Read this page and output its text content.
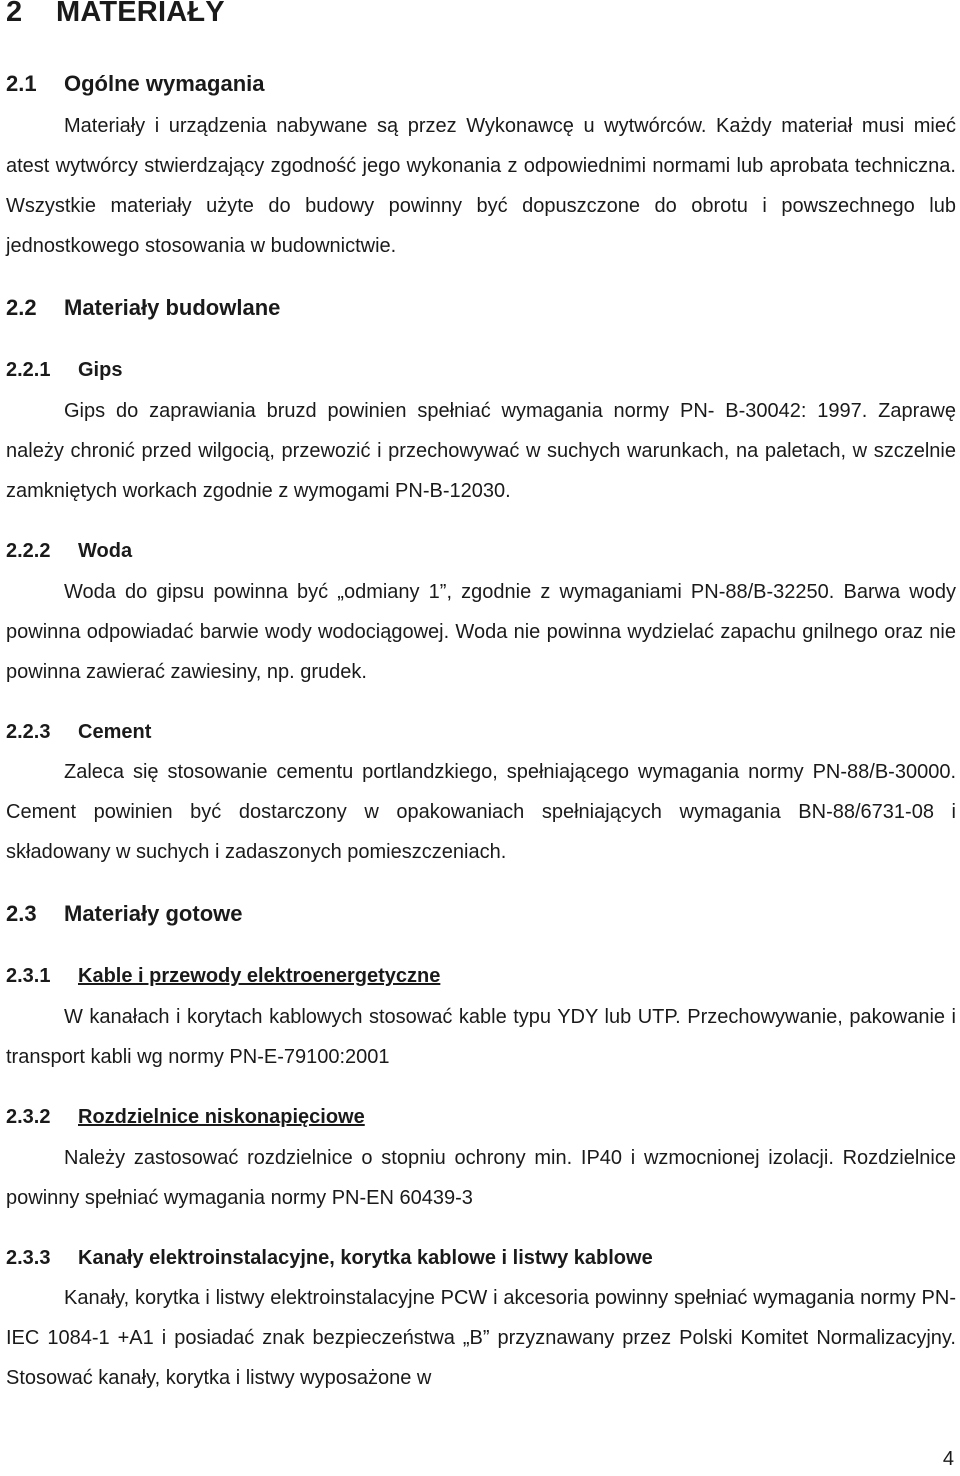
2 MATERIAŁY
2.1 Ogólne wymagania

Materiały i urządzenia nabywane są przez Wykonawcę u wytwórców. Każdy materiał musi mieć atest wytwórcy stwierdzający zgodność jego wykonania z odpowiednimi normami lub aprobata techniczna. Wszystkie materiały użyte do budowy powinny być dopuszczone do obrotu i powszechnego lub jednostkowego stosowania w budownictwie.

2.2 Materiały budowlane
2.2.1 Gips

Gips do zaprawiania bruzd powinien spełniać wymagania normy PN- B-30042: 1997. Zaprawę należy chronić przed wilgocią, przewozić i przechowywać w suchych warunkach, na paletach, w szczelnie zamkniętych workach zgodnie z wymogami PN-B-12030.

2.2.2 Woda

Woda do gipsu powinna być „odmiany 1”, zgodnie z wymaganiami PN-88/B-32250. Barwa wody powinna odpowiadać barwie wody wodociągowej. Woda nie powinna wydzielać zapachu gnilnego oraz nie powinna zawierać zawiesiny, np. grudek.

2.2.3 Cement

Zaleca się stosowanie cementu portlandzkiego, spełniającego wymagania normy PN-88/B-30000. Cement powinien być dostarczony w opakowaniach spełniających wymagania BN-88/6731-08 i składowany w suchych i zadaszonych pomieszczeniach.

2.3 Materiały gotowe
2.3.1 Kable i przewody elektroenergetyczne

W kanałach i korytach kablowych stosować kable typu YDY lub UTP. Przechowywanie, pakowanie i transport kabli wg normy PN-E-79100:2001

2.3.2 Rozdzielnice niskonapięciowe

Należy zastosować rozdzielnice o stopniu ochrony min. IP40 i wzmocnionej izolacji. Rozdzielnice powinny spełniać wymagania normy PN-EN 60439-3

2.3.3 Kanały elektroinstalacyjne, korytka kablowe i listwy kablowe

Kanały, korytka i listwy elektroinstalacyjne PCW i akcesoria powinny spełniać wymagania normy PN-IEC 1084-1 +A1 i posiadać znak bezpieczeństwa „B” przyznawany przez Polski Komitet Normalizacyjny. Stosować kanały, korytka i listwy wyposażone w

4
